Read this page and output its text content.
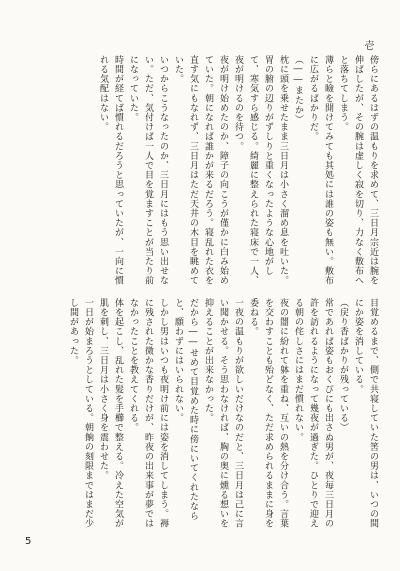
壱

傍らにあるはずの温もりを求めて、三日月宗近は腕を伸ばしたが、その腕は虚しく寂を切り、力なく敷布へと落ちてしまう。

薄らと瞼を開けてみても其処には誰の姿も無い。敷布に広がるばかりだ。

（――またか）

枕に頭を乗せたまま三日月は小さく溜め息を吐いた。胃の腑の辺りがずしりと重くなったような心地がして、寒気すら感じる。綺麗に整えられた寝床で一人、夜が明けるのを待つ。

夜が明け始めたのか、障子の向こうが僅かに白み始めていた。朝になれば誰かが来るだろう。寝乱れた衣を直す気にもなれず、三日月はただ天井の木目を眺めていた。

いつからこうなったのか、三日月にはもう思い出せない。ただ、気付けば一人で目を覚ますことが当たり前になっていた。

時間が経てば慣れるだろうと思っていたが、一向に慣れる気配はない。

目覚めるまで、側で共寝していた筈の男は、いつの間にか姿を消している。

（戻り香ばかりが残っている）

常であれば姿もおくびにも出さぬ男が、夜毎三日月の許を訪れるようになって幾夜が過ぎた。ひとりで迎える朝の侘しさにはまだ慣れない。

夜の闇に紛れて躰を重ね、互いの熱を分け合う。言葉を交わすことも殆どなく、ただ求められるままに身を委ねる。

一夜の温もりが欲しいだけなのだと、三日月は己に言い聞かせる。そう思わなければ、胸の奥に燻る想いを抑えることが出来なかった。

だから――せめて目覚めた時に傍にいてくれたならと、願わずにはいられない。

しかし男はいつも夜明け前には姿を消してしまう。褥に残された微かな香りだけが、昨夜の出来事が夢ではなかったことを教えてくれる。

体を起こし、乱れた髪を手櫛で整える。冷えた空気が肌を刺し、三日月は小さく身を震わせた。

一日が始まろうとしている。朝餉の刻限まではまだ少し間があった。

5
